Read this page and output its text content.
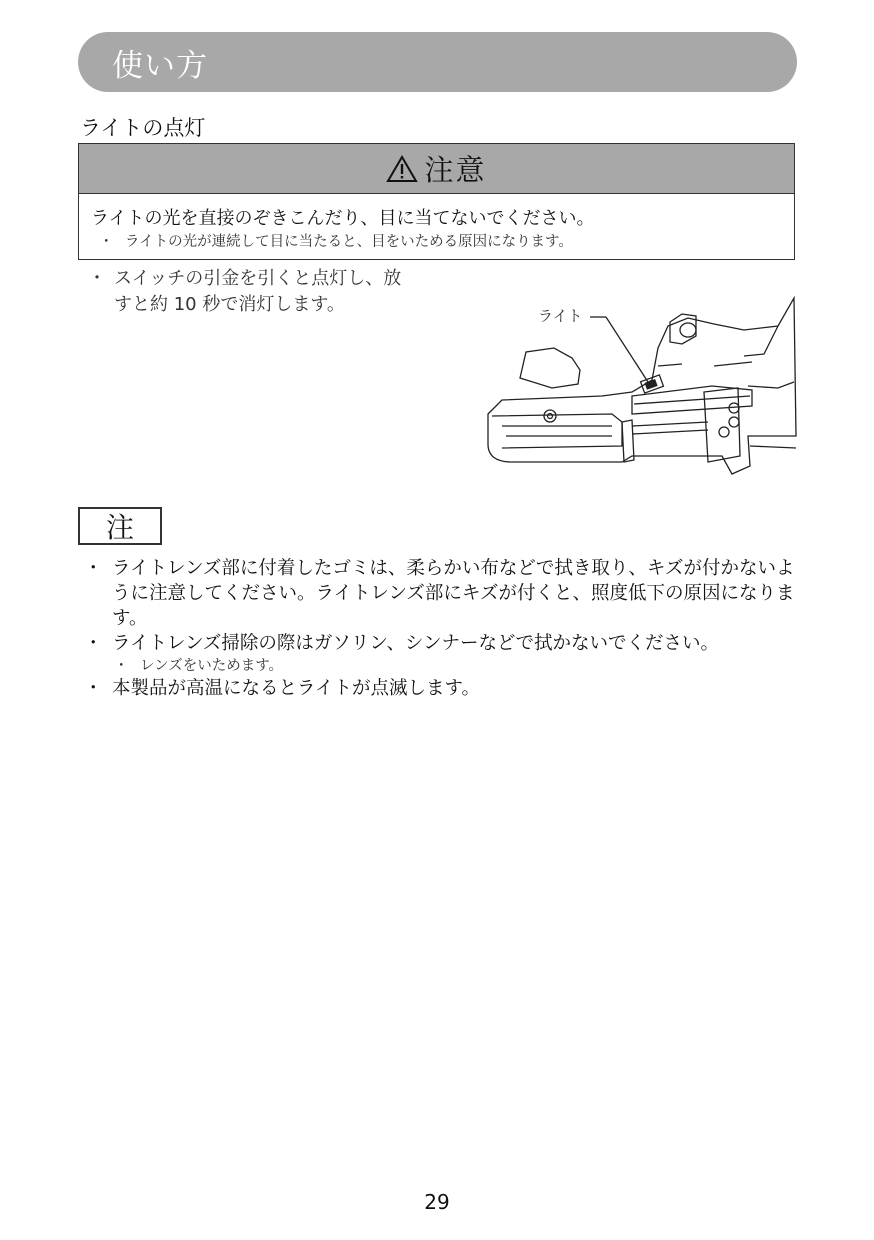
使い方
ライトの点灯
注意
ライトの光を直接のぞきこんだり、目に当てないでください。
・ ライトの光が連続して目に当たると、目をいためる原因になります。
・ スイッチの引金を引くと点灯し、放
すと約 10 秒で消灯します。
ライト
注
・ ライトレンズ部に付着したゴミは、柔らかい布などで拭き取り、キズが付かないように注意してください。ライトレンズ部にキズが付くと、照度低下の原因になります。
・ ライトレンズ掃除の際はガソリン、シンナーなどで拭かないでください。
・ レンズをいためます。
・ 本製品が高温になるとライトが点滅します。
29
